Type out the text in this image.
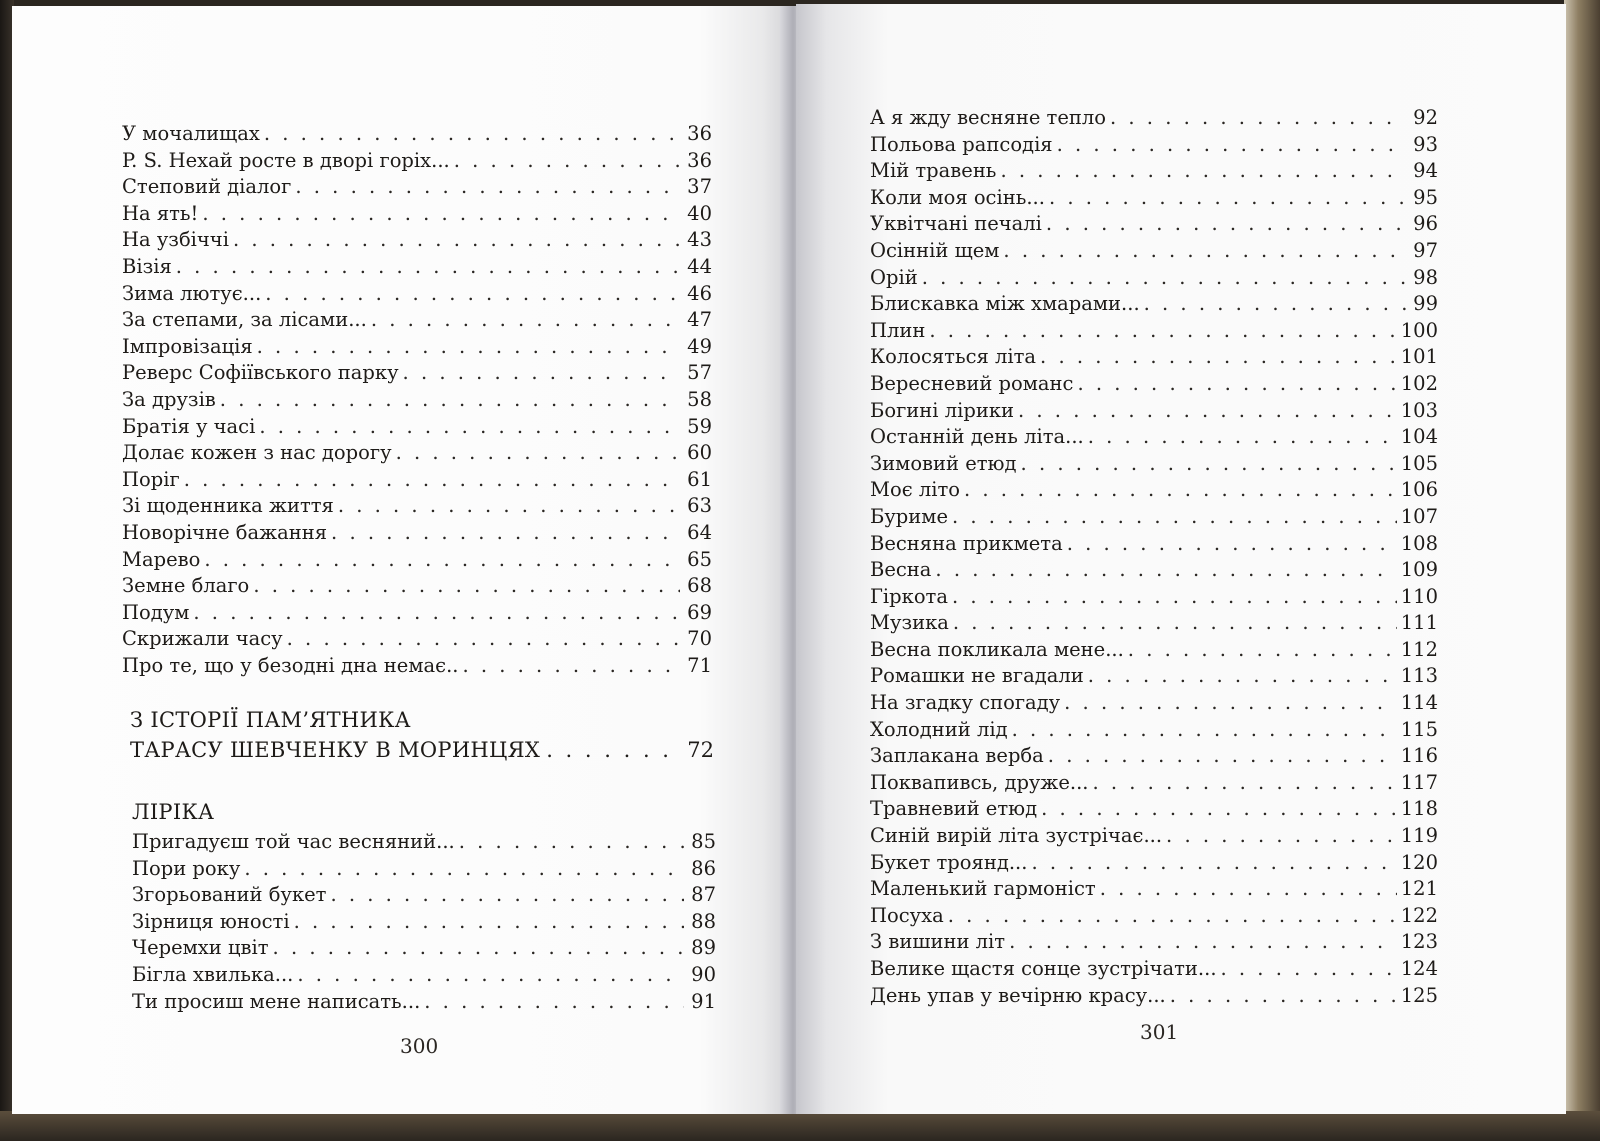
У мочалищах . . .	36
P. S. Нехай росте в дворі горіх... . . .	36
Степовий діалог . . .	37
На ять! . . .	40
На узбіччі . . .	43
Візія . . .	44
Зима лютує... . . .	46
За степами, за лісами... . . .	47
Імпровізація . . .	49
Реверс Софіївського парку . . .	57
За друзів . . .	58
Братія у часі . . .	59
Долає кожен з нас дорогу . . .	60
Поріг . . .	61
Зі щоденника життя . . .	63
Новорічне бажання . . .	64
Марево . . .	65
Земне благо . . .	68
Подум . . .	69
Скрижали часу . . .	70
Про те, що у безодні дна немає.. . . .	71
З ІСТОРІЇ ПАМ’ЯТНИКА
ТАРАСУ ШЕВЧЕНКУ В МОРИНЦЯХ . . .	72
ЛІРІКА
Пригадуєш той час весняний... . . .	85
Пори року . . .	86
Згорьований букет . . .	87
Зірниця юності . . .	88
Черемхи цвіт . . .	89
Бігла хвилька... . . .	90
Ти просиш мене написать... . . .	91
300
А я жду весняне тепло . . .	92
Польова рапсодія . . .	93
Мій травень . . .	94
Коли моя осінь... . . .	95
Уквітчані печалі . . .	96
Осінній щем . . .	97
Орій . . .	98
Блискавка між хмарами... . . .	99
Плин . . .	100
Колосяться літа . . .	101
Вересневий романс . . .	102
Богині лірики . . .	103
Останній день літа... . . .	104
Зимовий етюд . . .	105
Моє літо . . .	106
Буриме . . .	107
Весняна прикмета . . .	108
Весна . . .	109
Гіркота . . .	110
Музика . . .	111
Весна покликала мене... . . .	112
Ромашки не вгадали . . .	113
На згадку спогаду . . .	114
Холодний лід . . .	115
Заплакана верба . . .	116
Поквапивсь, друже... . . .	117
Травневий етюд . . .	118
Синій вирій літа зустрічає... . . .	119
Букет троянд... . . .	120
Маленький гармоніст . . .	121
Посуха . . .	122
З вишини літ . . .	123
Велике щастя сонце зустрічати... . . .	124
День упав у вечірню красу... . . .	125
301
